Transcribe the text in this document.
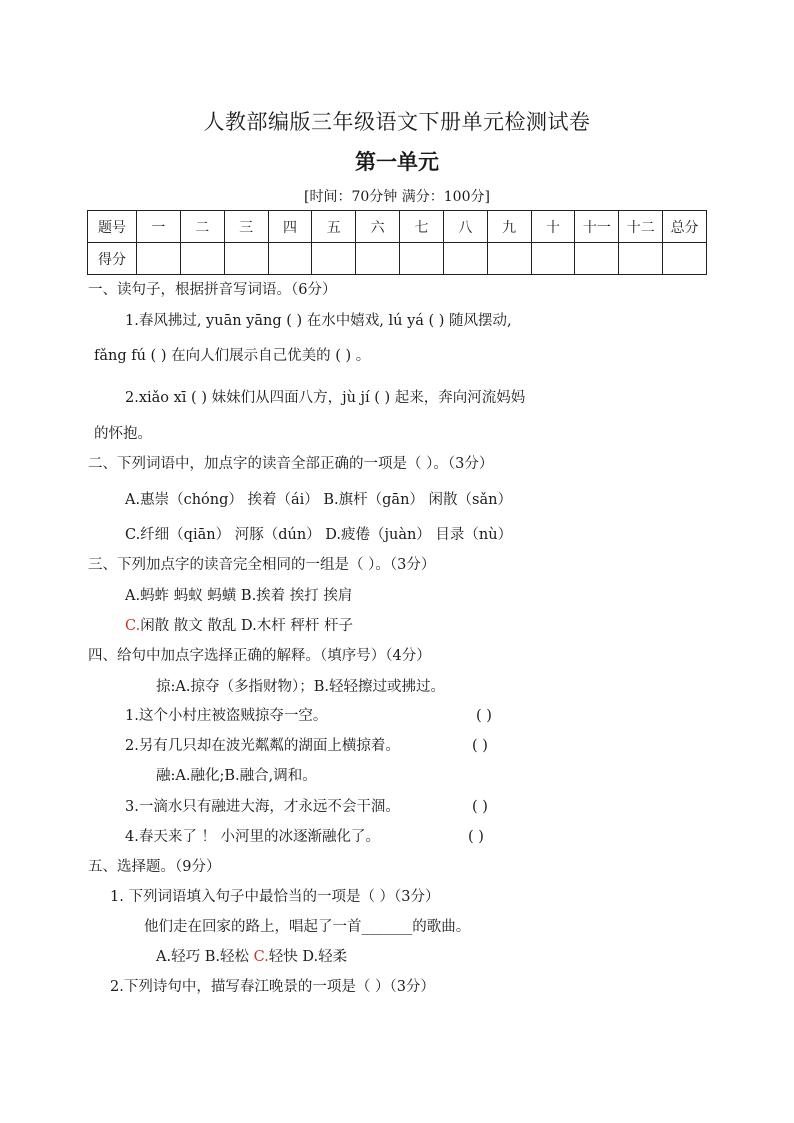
人教部编版三年级语文下册单元检测试卷
第一单元
[时间：70分钟 满分：100分]
题号	一	二	三	四	五	六	七	八	九	十	十一	十二	总分
得分													
一、读句子，根据拼音写词语。（6分）
1.春风拂过, yuān yāng ( ) 在水中嬉戏, lú yá ( ) 随风摆动,
fǎng fú ( ) 在向人们展示自己优美的 ( ) 。
2.xiǎo xī ( ) 妹妹们从四面八方，jù jí ( ) 起来，奔向河流妈妈
的怀抱。
二、下列词语中，加点字的读音全部正确的一项是（ ）。（3分）
A.惠崇（chóng） 挨着（ái） B.旗杆（gān） 闲散（sǎn）
C.纤细（qiān） 河豚（dún） D.疲倦（juàn） 目录（nù）
三、下列加点字的读音完全相同的一组是（ ）。（3分）
A.蚂蚱 蚂蚁 蚂蟥 B.挨着 挨打 挨肩
C.闲散 散文 散乱 D.木杆 秤杆 杆子
四、给句中加点字选择正确的解释。（填序号）（4分）
掠:A.掠夺（多指财物）；B.轻轻擦过或拂过。
1.这个小村庄被盗贼掠夺一空。	( )
2.另有几只却在波光粼粼的湖面上横掠着。	( )
融:A.融化;B.融合,调和。
3.一滴水只有融进大海，才永远不会干涸。	( )
4.春天来了 ！ 小河里的冰逐渐融化了。	( )
五、选择题。（9分）
1. 下列词语填入句子中最恰当的一项是（ ）（3分）
他们走在回家的路上，唱起了一首_______的歌曲。
A.轻巧 B.轻松 C.轻快 D.轻柔
2.下列诗句中，描写春江晚景的一项是（ ）（3分）
